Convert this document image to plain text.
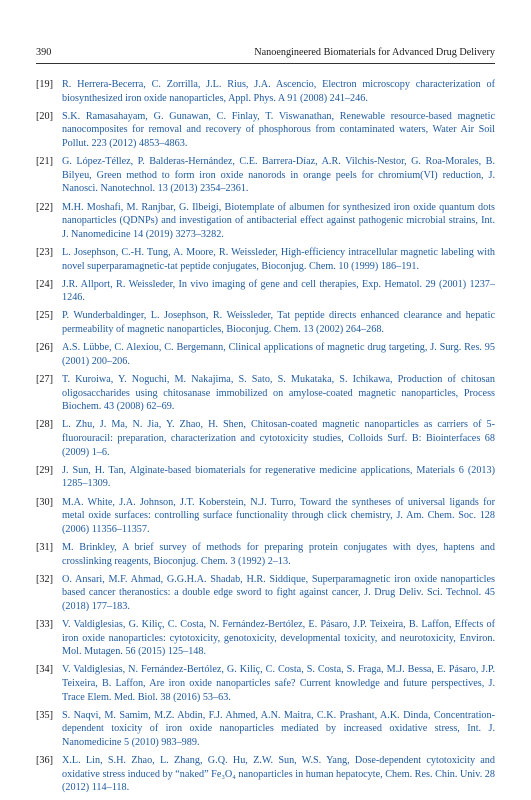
390	Nanoengineered Biomaterials for Advanced Drug Delivery
[19] R. Herrera-Becerra, C. Zorrilla, J.L. Rius, J.A. Ascencio, Electron microscopy characterization of biosynthesized iron oxide nanoparticles, Appl. Phys. A 91 (2008) 241–246.
[20] S.K. Ramasahayam, G. Gunawan, C. Finlay, T. Viswanathan, Renewable resource-based magnetic nanocomposites for removal and recovery of phosphorous from contaminated waters, Water Air Soil Pollut. 223 (2012) 4853–4863.
[21] G. López-Téllez, P. Balderas-Hernández, C.E. Barrera-Díaz, A.R. Vilchis-Nestor, G. Roa-Morales, B. Bilyeu, Green method to form iron oxide nanorods in orange peels for chromium(VI) reduction, J. Nanosci. Nanotechnol. 13 (2013) 2354–2361.
[22] M.H. Moshafi, M. Ranjbar, G. Ilbeigi, Biotemplate of albumen for synthesized iron oxide quantum dots nanoparticles (QDNPs) and investigation of antibacterial effect against pathogenic microbial strains, Int. J. Nanomedicine 14 (2019) 3273–3282.
[23] L. Josephson, C.-H. Tung, A. Moore, R. Weissleder, High-efficiency intracellular magnetic labeling with novel superparamagnetic-tat peptide conjugates, Bioconjug. Chem. 10 (1999) 186–191.
[24] J.R. Allport, R. Weissleder, In vivo imaging of gene and cell therapies, Exp. Hematol. 29 (2001) 1237–1246.
[25] P. Wunderbaldinger, L. Josephson, R. Weissleder, Tat peptide directs enhanced clearance and hepatic permeability of magnetic nanoparticles, Bioconjug. Chem. 13 (2002) 264–268.
[26] A.S. Lübbe, C. Alexiou, C. Bergemann, Clinical applications of magnetic drug targeting, J. Surg. Res. 95 (2001) 200–206.
[27] T. Kuroiwa, Y. Noguchi, M. Nakajima, S. Sato, S. Mukataka, S. Ichikawa, Production of chitosan oligosaccharides using chitosanase immobilized on amylose-coated magnetic nanoparticles, Process Biochem. 43 (2008) 62–69.
[28] L. Zhu, J. Ma, N. Jia, Y. Zhao, H. Shen, Chitosan-coated magnetic nanoparticles as carriers of 5-fluorouracil: preparation, characterization and cytotoxicity studies, Colloids Surf. B: Biointerfaces 68 (2009) 1–6.
[29] J. Sun, H. Tan, Alginate-based biomaterials for regenerative medicine applications, Materials 6 (2013) 1285–1309.
[30] M.A. White, J.A. Johnson, J.T. Koberstein, N.J. Turro, Toward the syntheses of universal ligands for metal oxide surfaces: controlling surface functionality through click chemistry, J. Am. Chem. Soc. 128 (2006) 11356–11357.
[31] M. Brinkley, A brief survey of methods for preparing protein conjugates with dyes, haptens and crosslinking reagents, Bioconjug. Chem. 3 (1992) 2–13.
[32] O. Ansari, M.F. Ahmad, G.G.H.A. Shadab, H.R. Siddique, Superparamagnetic iron oxide nanoparticles based cancer theranostics: a double edge sword to fight against cancer, J. Drug Deliv. Sci. Technol. 45 (2018) 177–183.
[33] V. Valdiglesias, G. Kiliç, C. Costa, N. Fernández-Bertólez, E. Pásaro, J.P. Teixeira, B. Laffon, Effects of iron oxide nanoparticles: cytotoxicity, genotoxicity, developmental toxicity, and neurotoxicity, Environ. Mol. Mutagen. 56 (2015) 125–148.
[34] V. Valdiglesias, N. Fernández-Bertólez, G. Kiliç, C. Costa, S. Costa, S. Fraga, M.J. Bessa, E. Pásaro, J.P. Teixeira, B. Laffon, Are iron oxide nanoparticles safe? Current knowledge and future perspectives, J. Trace Elem. Med. Biol. 38 (2016) 53–63.
[35] S. Naqvi, M. Samim, M.Z. Abdin, F.J. Ahmed, A.N. Maitra, C.K. Prashant, A.K. Dinda, Concentration-dependent toxicity of iron oxide nanoparticles mediated by increased oxidative stress, Int. J. Nanomedicine 5 (2010) 983–989.
[36] X.L. Lin, S.H. Zhao, L. Zhang, G.Q. Hu, Z.W. Sun, W.S. Yang, Dose-dependent cytotoxicity and oxidative stress induced by “naked” Fe₃O₄ nanoparticles in human hepatocyte, Chem. Res. Chin. Univ. 28 (2012) 114–118.
